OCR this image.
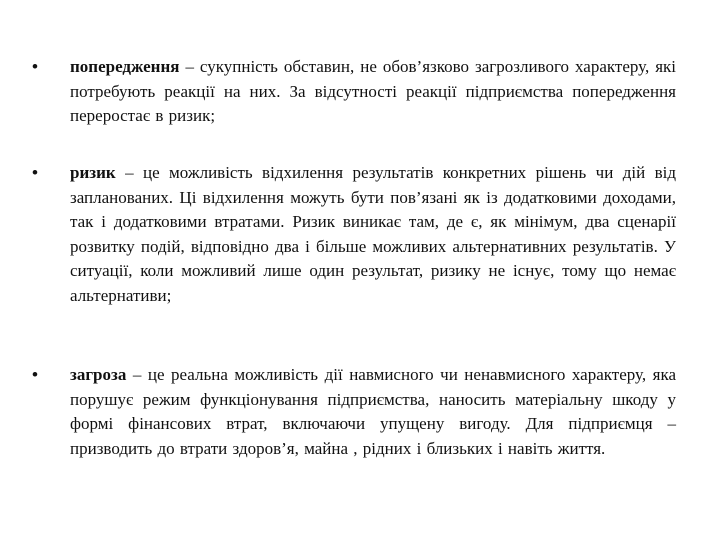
• попередження – сукупність обставин, не обов’язково загрозливого характеру, які потребують реакції на них. За відсутності реакції підприємства попередження переростає в ризик;
• ризик – це можливість відхилення результатів конкретних рішень чи дій від запланованих. Ці відхилення можуть бути пов’язані як із додатковими доходами, так і додатковими втратами. Ризик виникає там, де є, як мінімум, два сценарії розвитку подій, відповідно два і більше можливих альтернативних результатів. У ситуації, коли можливий лише один результат, ризику не існує, тому що немає альтернативи;
• загроза – це реальна можливість дії навмисного чи ненавмисного характеру, яка порушує режим функціонування підприємства, наносить матеріальну шкоду у формі фінансових втрат, включаючи упущену вигоду. Для підприємця – призводить до втрати здоров’я, майна , рідних і близьких і навіть життя.
